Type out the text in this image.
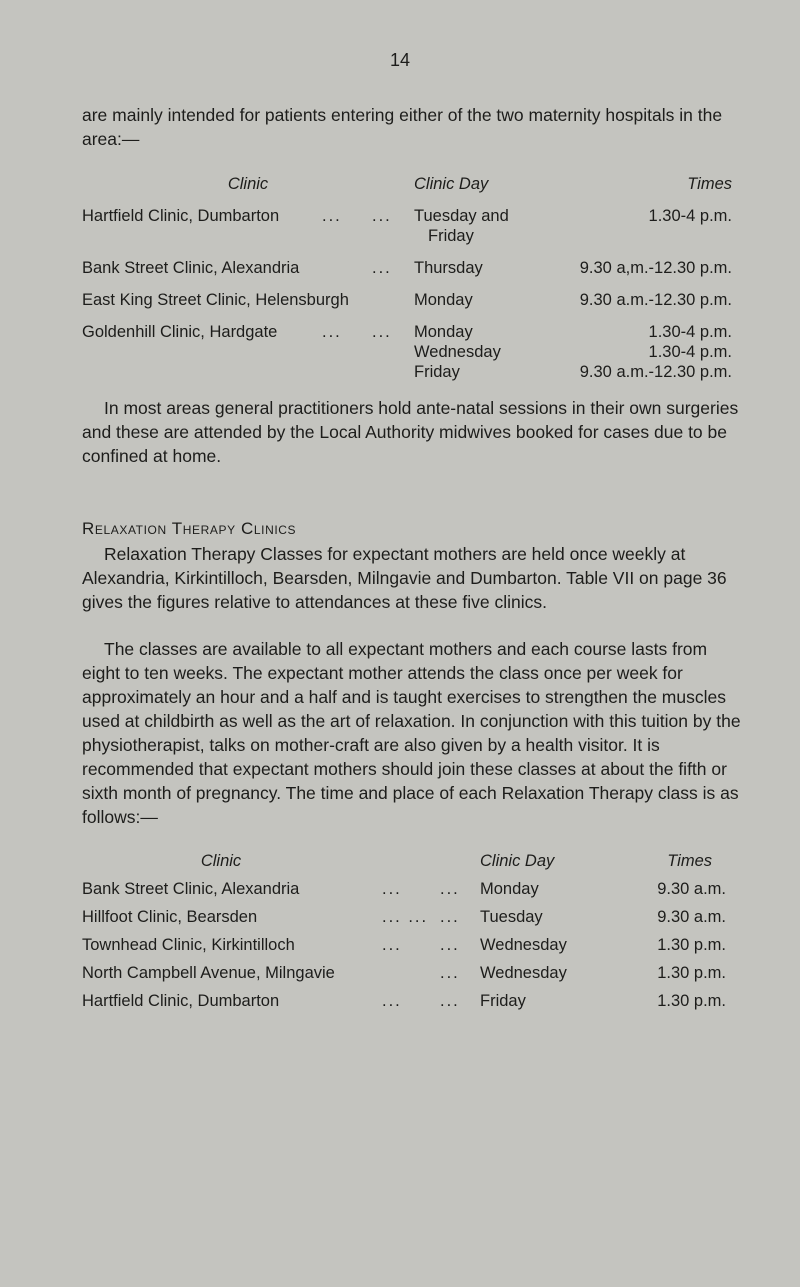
14
are mainly intended for patients entering either of the two maternity hospitals in the area:—
Clinic			Clinic Day	Times
Hartfield Clinic, Dumbarton	...	...	Tuesday and	1.30-4 p.m.
			Friday	
Bank Street Clinic, Alexandria		...	Thursday	9.30 a,m.-12.30 p.m.
East King Street Clinic, Helensburgh			Monday	9.30 a.m.-12.30 p.m.
Goldenhill Clinic, Hardgate	...	...	Monday	1.30-4 p.m.
			Wednesday	1.30-4 p.m.
			Friday	9.30 a.m.-12.30 p.m.
In most areas general practitioners hold ante-natal sessions in their own surgeries and these are attended by the Local Authority midwives booked for cases due to be confined at home.
Relaxation Therapy Clinics
Relaxation Therapy Classes for expectant mothers are held once weekly at Alexandria, Kirkintilloch, Bearsden, Milngavie and Dumbarton. Table VII on page 36 gives the figures relative to attendances at these five clinics.
The classes are available to all expectant mothers and each course lasts from eight to ten weeks. The expectant mother attends the class once per week for approximately an hour and a half and is taught exercises to strengthen the muscles used at childbirth as well as the art of relaxation. In conjunction with this tuition by the physiotherapist, talks on mother-craft are also given by a health visitor. It is recommended that expectant mothers should join these classes at about the fifth or sixth month of pregnancy. The time and place of each Relaxation Therapy class is as follows:—
Clinic			Clinic Day	Times
Bank Street Clinic, Alexandria	...	...	Monday	9.30 a.m.
Hillfoot Clinic, Bearsden	... ...	...	Tuesday	9.30 a.m.
Townhead Clinic, Kirkintilloch	...	...	Wednesday	1.30 p.m.
North Campbell Avenue, Milngavie		...	Wednesday	1.30 p.m.
Hartfield Clinic, Dumbarton	...	...	Friday	1.30 p.m.
